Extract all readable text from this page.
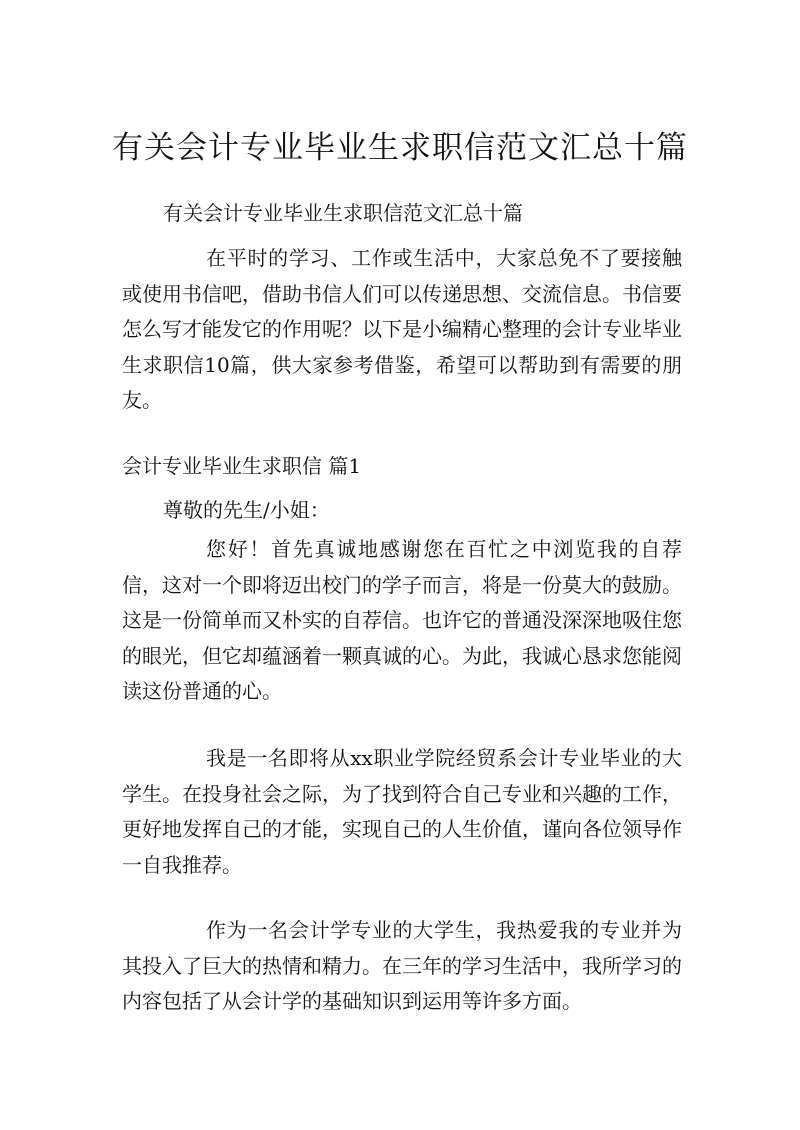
有关会计专业毕业生求职信范文汇总十篇
有关会计专业毕业生求职信范文汇总十篇

在平时的学习、工作或生活中，大家总免不了要接触或使用书信吧，借助书信人们可以传递思想、交流信息。书信要怎么写才能发它的作用呢？以下是小编精心整理的会计专业毕业生求职信10篇，供大家参考借鉴，希望可以帮助到有需要的朋友。

会计专业毕业生求职信 篇1
尊敬的先生/小姐：

您好！首先真诚地感谢您在百忙之中浏览我的自荐信，这对一个即将迈出校门的学子而言，将是一份莫大的鼓励。这是一份简单而又朴实的自荐信。也许它的普通没深深地吸住您的眼光，但它却蕴涵着一颗真诚的心。为此，我诚心恳求您能阅读这份普通的心。

我是一名即将从xx职业学院经贸系会计专业毕业的大学生。在投身社会之际，为了找到符合自己专业和兴趣的工作，更好地发挥自己的才能，实现自己的人生价值，谨向各位领导作一自我推荐。

作为一名会计学专业的大学生，我热爱我的专业并为其投入了巨大的热情和精力。在三年的学习生活中，我所学习的内容包括了从会计学的基础知识到运用等许多方面。
